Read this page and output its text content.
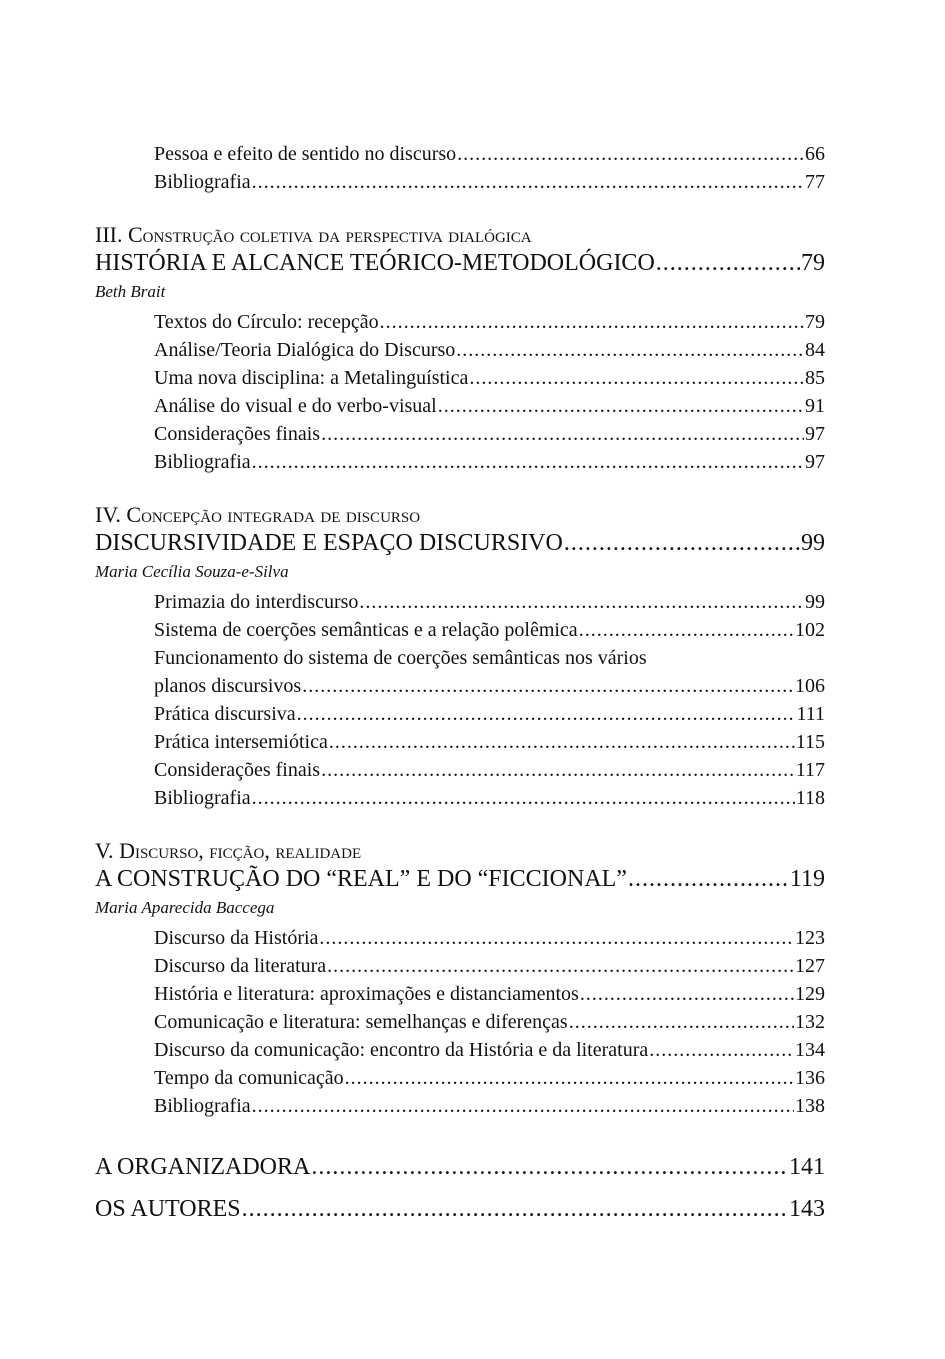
Pessoa e efeito de sentido no discurso .....	66
Bibliografia .....	77
III. Construção coletiva da perspectiva dialógica
HISTÓRIA E ALCANCE TEÓRICO-METODOLÓGICO .....	79
Beth Brait
Textos do Círculo: recepção .....	79
Análise/Teoria Dialógica do Discurso .....	84
Uma nova disciplina: a Metalinguística .....	85
Análise do visual e do verbo-visual .....	91
Considerações finais .....	97
Bibliografia .....	97
IV. Concepção integrada de discurso
DISCURSIVIDADE E ESPAÇO DISCURSIVO .....	99
Maria Cecília Souza-e-Silva
Primazia do interdiscurso .....	99
Sistema de coerções semânticas e a relação polêmica .....	102
Funcionamento do sistema de coerções semânticas nos vários
planos discursivos .....	106
Prática discursiva .....	111
Prática intersemiótica .....	115
Considerações finais .....	117
Bibliografia .....	118
V. Discurso, ficção, realidade
A CONSTRUÇÃO DO “REAL” E DO “FICCIONAL” .....	119
Maria Aparecida Baccega
Discurso da História .....	123
Discurso da literatura .....	127
História e literatura: aproximações e distanciamentos .....	129
Comunicação e literatura: semelhanças e diferenças .....	132
Discurso da comunicação: encontro da História e da literatura .....	134
Tempo da comunicação .....	136
Bibliografia .....	138
A ORGANIZADORA .....	141
OS AUTORES .....	143
